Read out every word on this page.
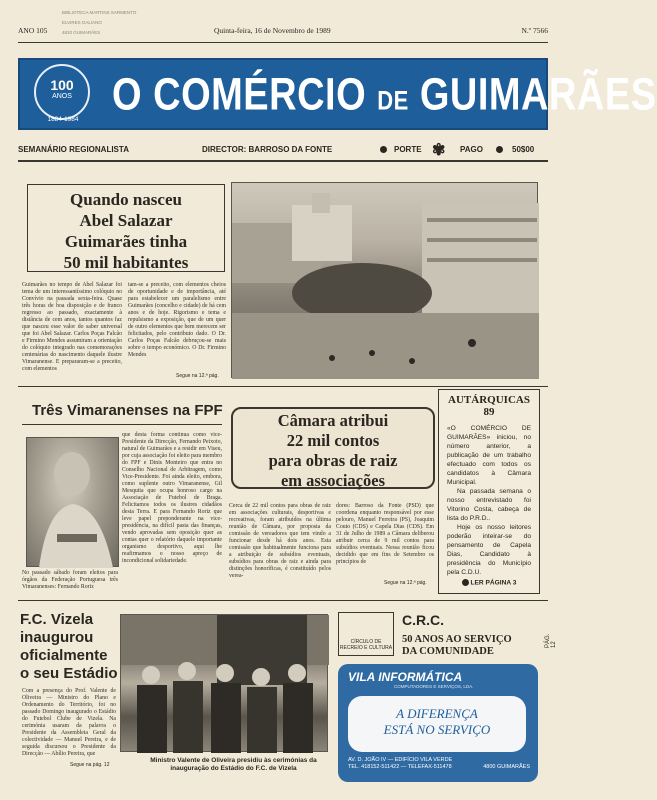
ANO 105	Quinta-feira, 16 de Novembro de 1989	N.º 7566
BIBLIOTECA MARTINS SARMENTO
ELVIRES GALIANO
4810 GUIMARÃES
100
ANOS
1884·1984 O COMÉRCIO DE GUIMARÃES
SEMANÁRIO REGIONALISTA	DIRECTOR: BARROSO DA FONTE	PORTE ✾ PAGO	50$00
Quando nasceu
Abel Salazar
Guimarães tinha
50 mil habitantes
Guimarães no tempo de Abel Salazar foi tema de um interessantíssimo colóquio no Convívio na passada sexta-feira. Quase três horas de boa disposição e de franco regresso ao passado, exactamente à distância de cem anos, tantos quantos faz que nasceu esse valor do saber universal que foi Abel Salazar. Carlos Poças Falcão e Firmino Mendes assumiram a orientação do colóquio integrado nas comemorações centenárias do nascimento daquele ilustre Vimaranense. E prepararam-se a preceito, com elementos
tam-se a preceito, com elementos cheios de oportunidade e de importância, até para estabelecer um paralelismo entre Guimarães (concelho e cidade) de há cem anos e de hoje. Rigorismo e tema e repulsismo a exposição, que de um quer de outro elementos que bem merecem ser felicitados, pelo contributo dado. O Dr. Carlos Poças Falcão debruçou-se mais sobre o tempo económico. O Dr. Firmino Mendes
Segue na 12.ª pág.
Três Vimaranenses na FPF
No passado sábado foram eleitos para órgãos da Federação Portuguesa três Vimaranenses: Fernando Roriz
que desta forma continua como vice-Presidente da Direcção, Fernando Peixoto, natural de Guimarães e a residir em Viseu, por cuja associação foi eleito para membro do FPF e Dinis Monteiro que entra no Conselho Nacional de Arbitragem, como Vice-Presidente. Foi ainda eleito, embora, como suplente outro Vimaranense, Gil Mesquita que ocupa honroso cargo na Associação de Futebol de Braga. Felicitamos todos os ilustres cidadãos desta Terra. E para Fernando Roriz que leve papel preponderante na vice-presidência, na difícil pasta das finanças, vendo aprovadas sem oposição quer as contas quer o relatório daquele importante organismo desportivo, aqui lhe reafirmamos o nosso apreço de incondicional solidariedade.
Câmara atribui
22 mil contos
para obras de raiz
em associações
Cerca de 22 mil contos para obras de raiz em associações culturais, desportivas e recreativas, foram atribuídos na última reunião de Câmara, por proposta da comissão de vereadores que tem vindo a funcionar desde há dois anos. Esta comissão que habitualmente funciona para a atribuição de subsídios eventuais, subsídios para obras de raiz e ainda para distinções honoríficas, é constituído pelos verea-
dores: Barroso da Fonte (PSD) que coordena enquanto responsável por esse pelouro, Manuel Ferreira (PS), Joaquim Couto (CDS) e Capela Dias (CDS). Em 31 de Julho de 1989 a Câmara deliberou atribuir cerca de 9 mil contos para subsídios eventuais. Nessa reunião ficou decidido que em fins de Setembro os princípios de
Segue na 12.ª pág.
AUTÁRQUICAS
89

«O COMÉRCIO DE GUIMARÃES» iniciou, no número anterior, a publicação de um trabalho efectuado com todos os candidatos à Câmara Municipal.

Na passada semana o nosso entrevistado foi Vitorino Costa, cabeça de lista do P.R.D..

Hoje os nosso leitores poderão inteirar-se do pensamento de Capela Dias, Candidato à presidência do Município pela C.D.U.

LER PÁGINA 3
F.C. Vizela
inaugurou
oficialmente
o seu Estádio
Com a presença do Prof. Valente de Oliveira — Ministro do Plano e Ordenamento do Território, foi no passado Domingo inaugurado o Estádio do Futebol Clube de Vizela. Na cerimónia usaram da palavra o Presidente da Assembleia Geral da colectividade — Manuel Pereira, e de seguida discursou o Presidente da Direcção — Abílio Pereira, que
Segue na pág. 12
Ministro Valente de Oliveira presidiu às cerimónias da inauguração do Estádio do F.C. de Vizela
CÍRCULO DE RECREIO E CULTURA
C.R.C.
50 ANOS AO SERVIÇO
DA COMUNIDADE
VILA INFORMÁTICA
COMPUTADORES E SERVIÇOS, LDA.
A DIFERENÇA
ESTÁ NO SERVIÇO
AV. D. JOÃO IV — EDIFÍCIO VILA VERDE
TEL. 418152-511422 — TELEFAX-511478	4800 GUIMARÃES
PÁG. 12
